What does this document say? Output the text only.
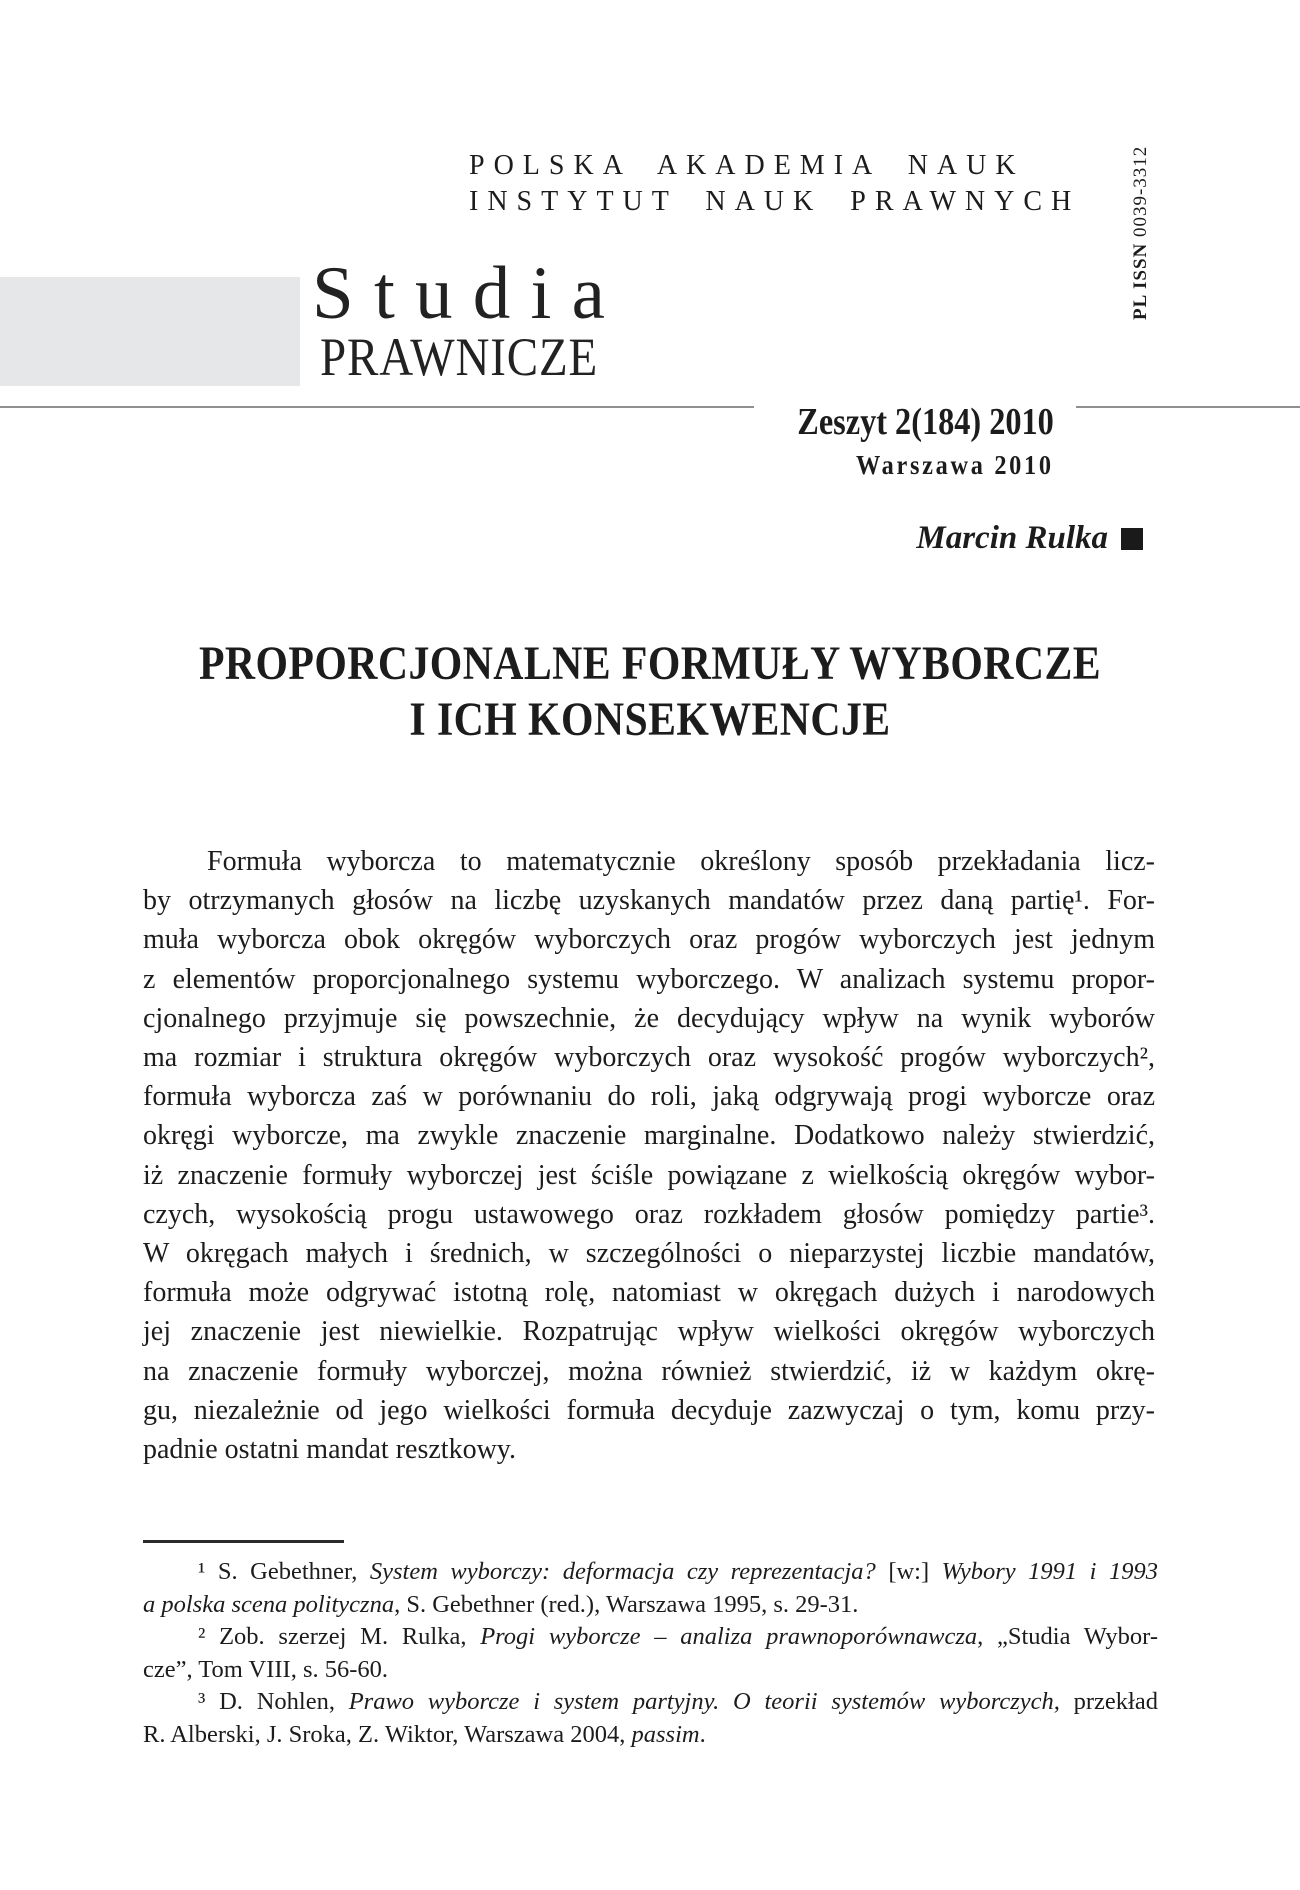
POLSKA AKADEMIA NAUK
INSTYTUT NAUK PRAWNYCH
PL ISSN 0039-3312
Studia
PRAWNICZE
Zeszyt 2(184) 2010
Warszawa 2010
Marcin Rulka
PROPORCJONALNE FORMUŁY WYBORCZE
I ICH KONSEKWENCJE
Formuła wyborcza to matematycznie określony sposób przekładania licz-
by otrzymanych głosów na liczbę uzyskanych mandatów przez daną partię¹. For-
muła wyborcza obok okręgów wyborczych oraz progów wyborczych jest jednym
z elementów proporcjonalnego systemu wyborczego. W analizach systemu propor-
cjonalnego przyjmuje się powszechnie, że decydujący wpływ na wynik wyborów
ma rozmiar i struktura okręgów wyborczych oraz wysokość progów wyborczych²,
formuła wyborcza zaś w porównaniu do roli, jaką odgrywają progi wyborcze oraz
okręgi wyborcze, ma zwykle znaczenie marginalne. Dodatkowo należy stwierdzić,
iż znaczenie formuły wyborczej jest ściśle powiązane z wielkością okręgów wybor-
czych, wysokością progu ustawowego oraz rozkładem głosów pomiędzy partie³.
W okręgach małych i średnich, w szczególności o nieparzystej liczbie mandatów,
formuła może odgrywać istotną rolę, natomiast w okręgach dużych i narodowych
jej znaczenie jest niewielkie. Rozpatrując wpływ wielkości okręgów wyborczych
na znaczenie formuły wyborczej, można również stwierdzić, iż w każdym okrę-
gu, niezależnie od jego wielkości formuła decyduje zazwyczaj o tym, komu przy-
padnie ostatni mandat resztkowy.
¹ S. Gebethner, System wyborczy: deformacja czy reprezentacja? [w:] Wybory 1991 i 1993
a polska scena polityczna, S. Gebethner (red.), Warszawa 1995, s. 29-31.
² Zob. szerzej M. Rulka, Progi wyborcze – analiza prawnoporównawcza, „Studia Wybor-
cze”, Tom VIII, s. 56-60.
³ D. Nohlen, Prawo wyborcze i system partyjny. O teorii systemów wyborczych, przekład
R. Alberski, J. Sroka, Z. Wiktor, Warszawa 2004, passim.
